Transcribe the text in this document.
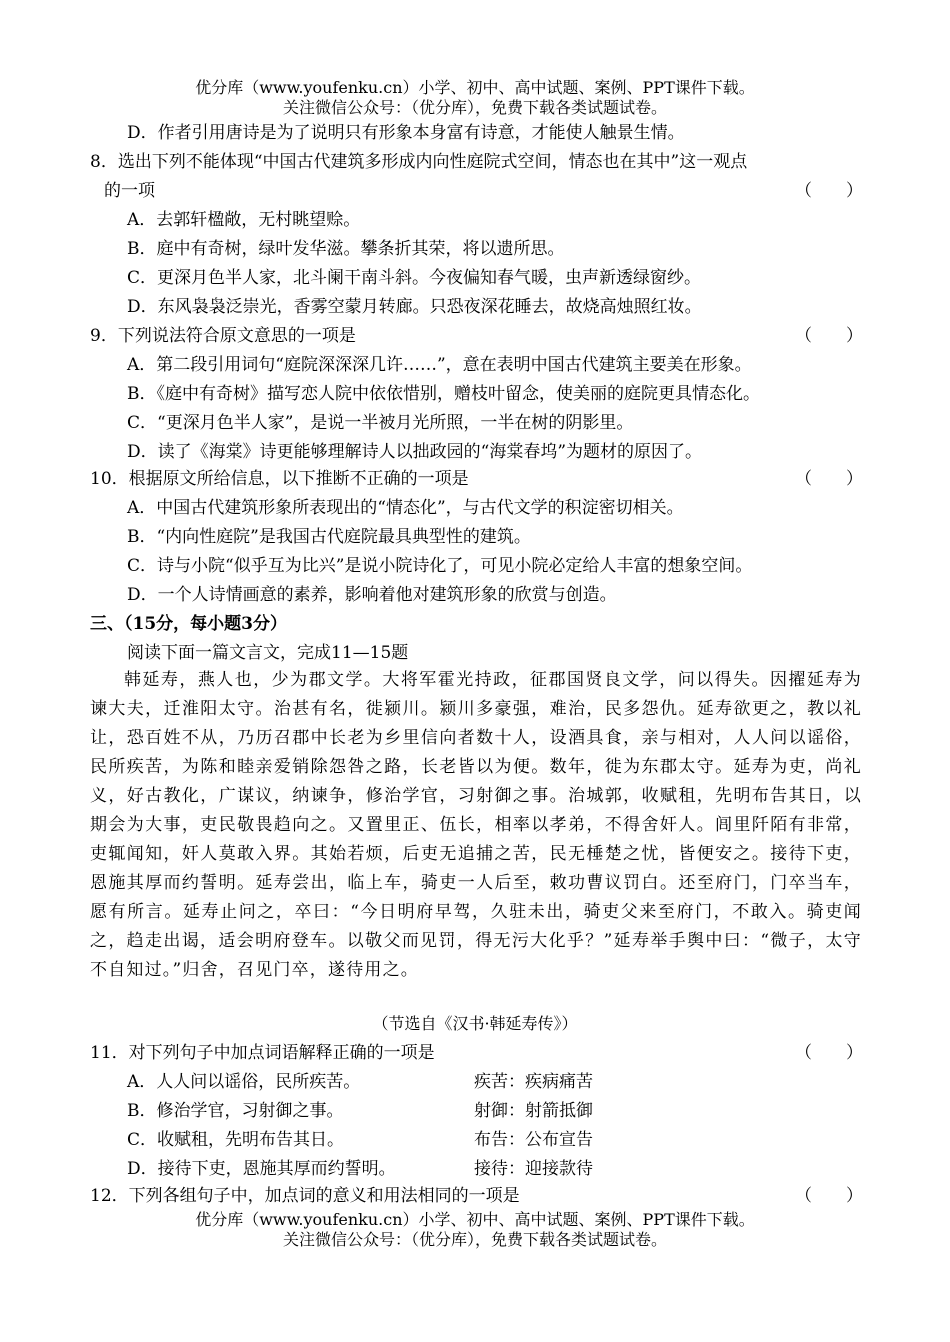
优分库（www.youfenku.cn）小学、初中、高中试题、案例、PPT课件下载。
关注微信公众号：（优分库），免费下载各类试题试卷。
D．作者引用唐诗是为了说明只有形象本身富有诗意，才能使人触景生情。
8．选出下列不能体现“中国古代建筑多形成内向性庭院式空间，情态也在其中”这一观点
的一项	（　　）
A．去郭轩楹敞，无村眺望赊。
B．庭中有奇树，绿叶发华滋。攀条折其荣，将以遗所思。
C．更深月色半人家，北斗阑干南斗斜。今夜偏知春气暖，虫声新透绿窗纱。
D．东风袅袅泛崇光，香雾空蒙月转廊。只恐夜深花睡去，故烧高烛照红妆。
9．下列说法符合原文意思的一项是	（　　）
A．第二段引用词句“庭院深深深几许……”，意在表明中国古代建筑主要美在形象。
B．《庭中有奇树》描写恋人院中依依惜别，赠枝叶留念，使美丽的庭院更具情态化。
C．“更深月色半人家”，是说一半被月光所照，一半在树的阴影里。
D．读了《海棠》诗更能够理解诗人以拙政园的“海棠春坞”为题材的原因了。
10．根据原文所给信息，以下推断不正确的一项是	（　　）
A．中国古代建筑形象所表现出的“情态化”，与古代文学的积淀密切相关。
B．“内向性庭院”是我国古代庭院最具典型性的建筑。
C．诗与小院“似乎互为比兴”是说小院诗化了，可见小院必定给人丰富的想象空间。
D．一个人诗情画意的素养，影响着他对建筑形象的欣赏与创造。
三、（15分，每小题3分）
阅读下面一篇文言文，完成11—15题
韩延寿，燕人也，少为郡文学。大将军霍光持政，征郡国贤良文学，问以得失。因擢延寿为谏大夫，迁淮阳太守。治甚有名，徙颍川。颍川多豪强，难治，民多怨仇。延寿欲更之，教以礼让，恐百姓不从，乃历召郡中长老为乡里信向者数十人，设酒具食，亲与相对，人人问以谣俗，民所疾苦，为陈和睦亲爱销除怨咎之路，长老皆以为便。数年，徙为东郡太守。延寿为吏，尚礼义，好古教化，广谋议，纳谏争，修治学官，习射御之事。治城郭，收赋租，先明布告其日，以期会为大事，吏民敬畏趋向之。又置里正、伍长，相率以孝弟，不得舍奸人。闾里阡陌有非常，吏辄闻知，奸人莫敢入界。其始若烦，后吏无追捕之苦，民无棰楚之忧，皆便安之。接待下吏，恩施其厚而约誓明。延寿尝出，临上车，骑吏一人后至，敕功曹议罚白。还至府门，门卒当车，愿有所言。延寿止问之，卒曰：“今日明府早驾，久驻未出，骑吏父来至府门，不敢入。骑吏闻之，趋走出谒，适会明府登车。以敬父而见罚，得无污大化乎？”延寿举手舆中曰：“微子，太守不自知过。”归舍，召见门卒，遂待用之。
（节选自《汉书·韩延寿传》）
11．对下列句子中加点词语解释正确的一项是	（　　）
A．人人问以谣俗，民所疾苦。	疾苦：疾病痛苦
B．修治学官，习射御之事。	射御：射箭抵御
C．收赋租，先明布告其日。	布告：公布宣告
D．接待下吏，恩施其厚而约誓明。	接待：迎接款待
12．下列各组句子中，加点词的意义和用法相同的一项是	（　　）
优分库（www.youfenku.cn）小学、初中、高中试题、案例、PPT课件下载。
关注微信公众号：（优分库），免费下载各类试题试卷。
